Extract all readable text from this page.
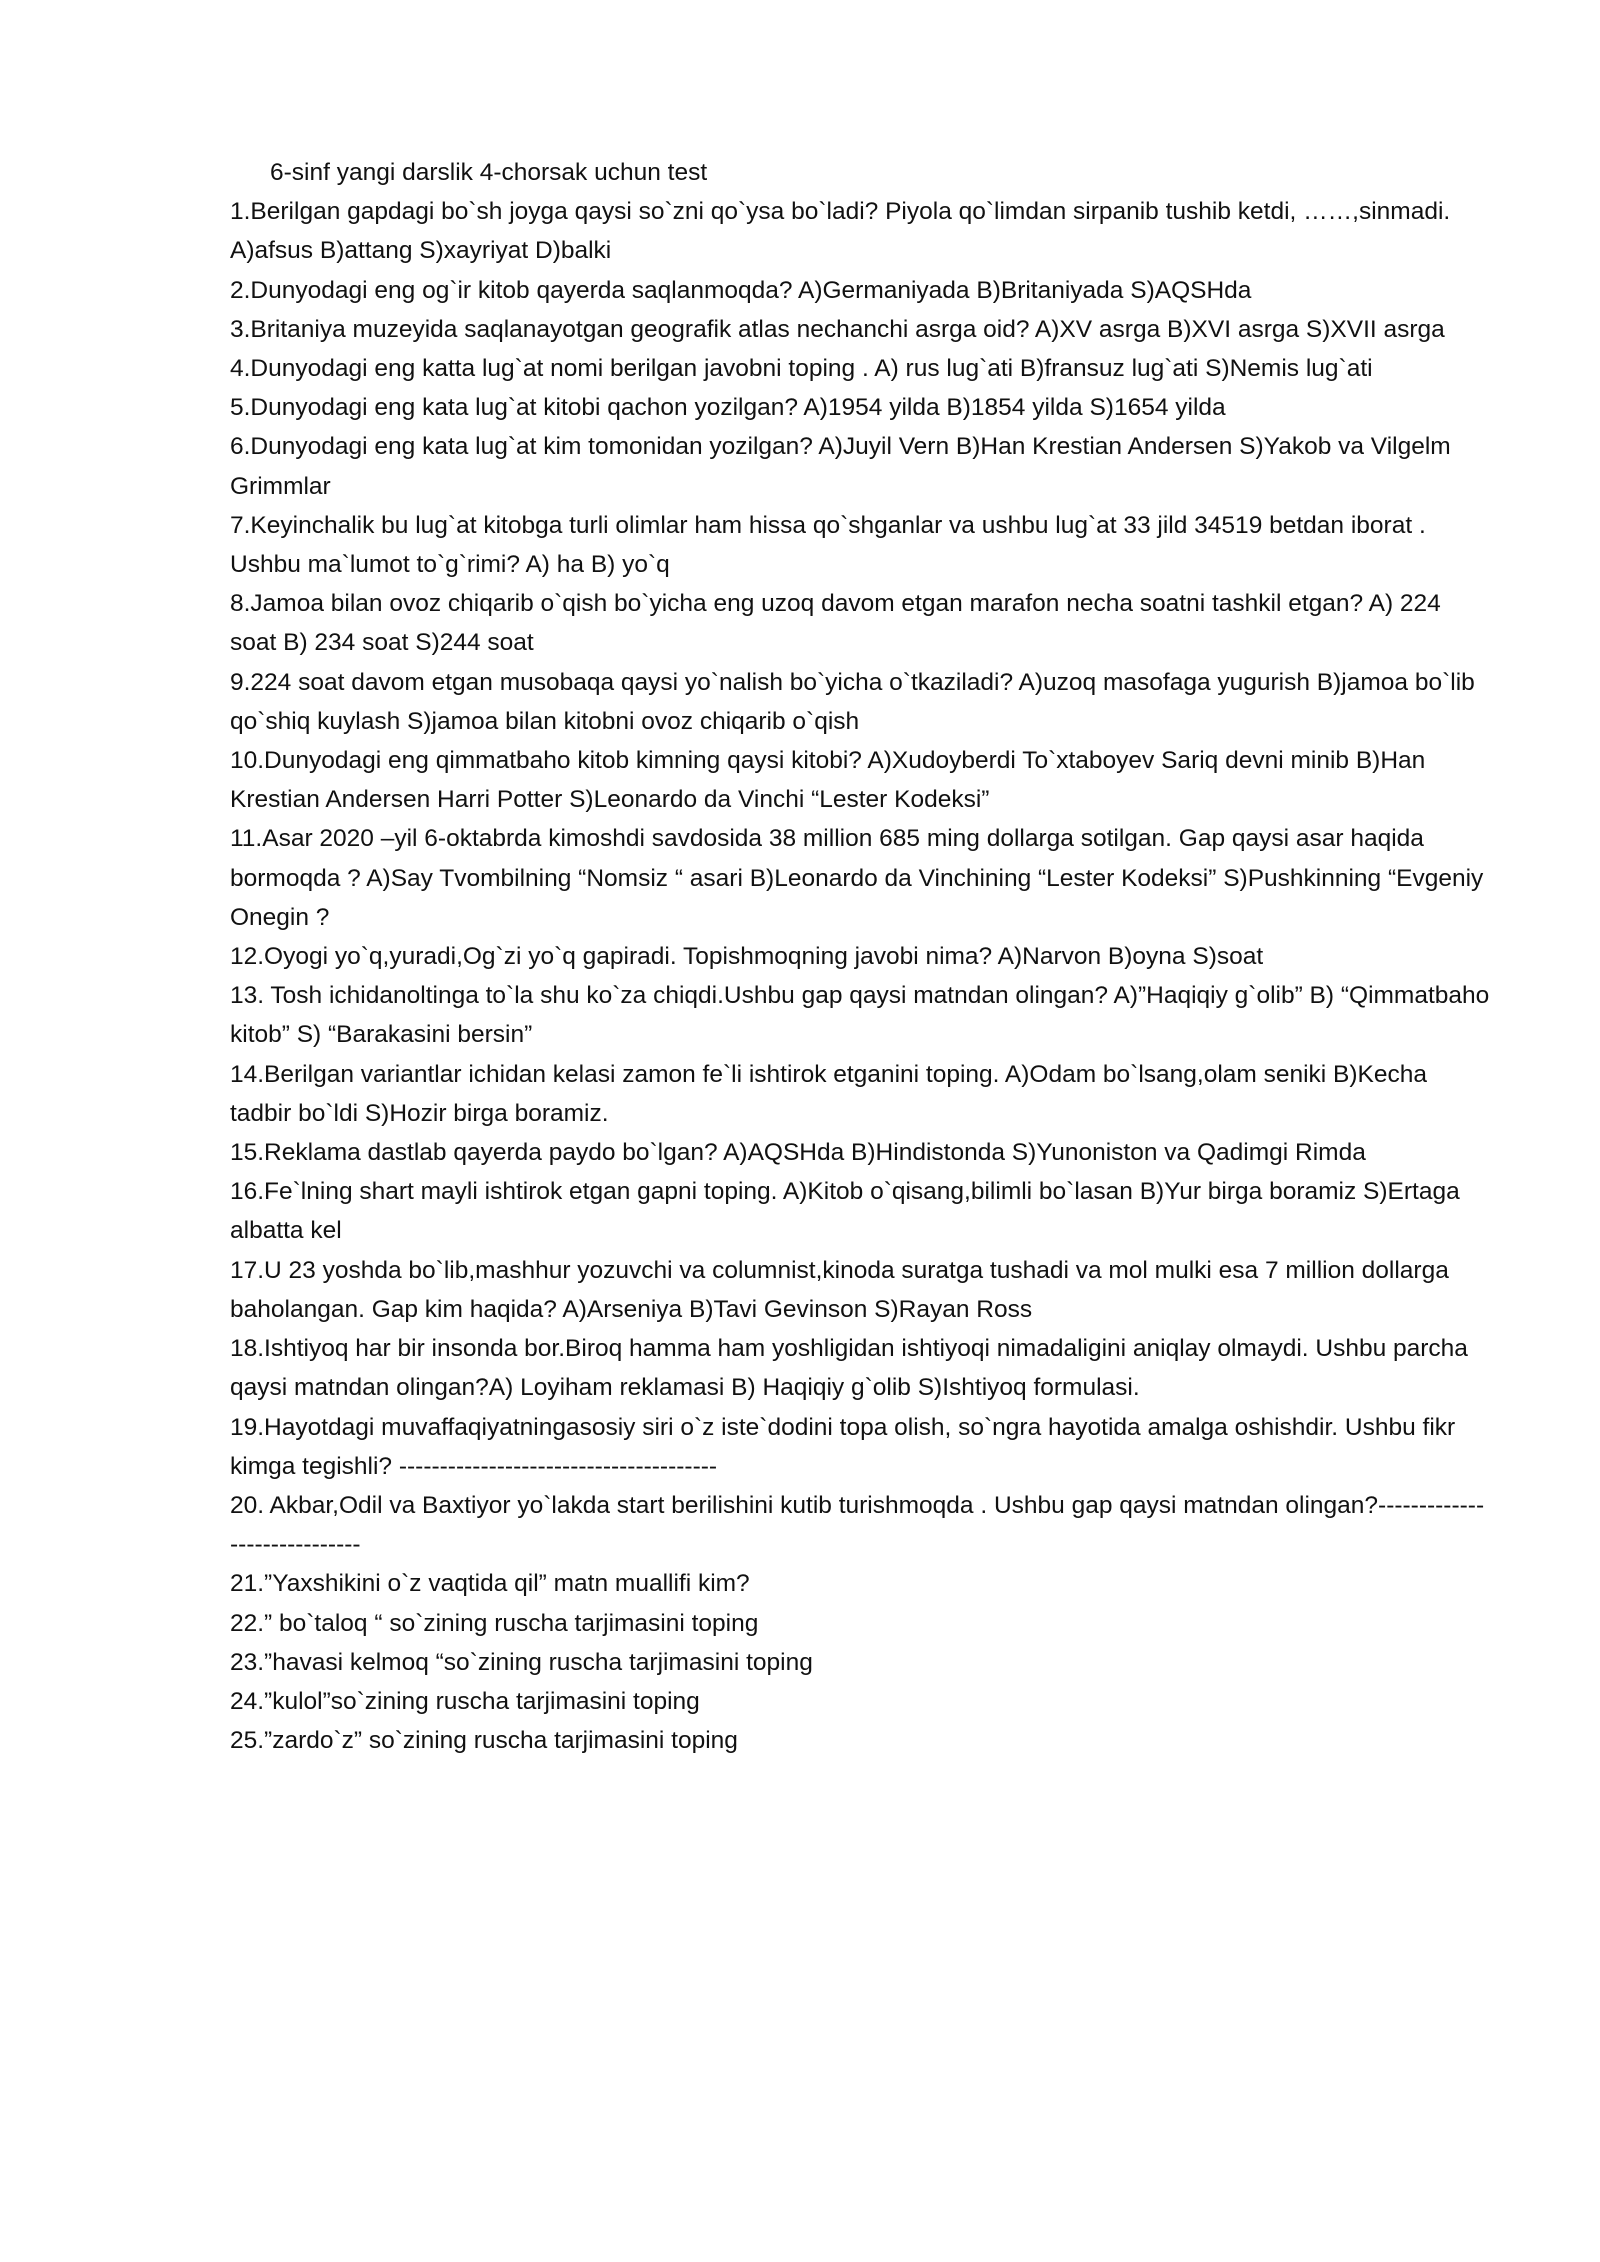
6-sinf yangi darslik 4-chorsak uchun test

1.Berilgan gapdagi bo`sh joyga qaysi so`zni qo`ysa bo`ladi? Piyola qo`limdan sirpanib tushib ketdi, ……,sinmadi. A)afsus B)attang S)xayriyat D)balki

2.Dunyodagi eng og`ir kitob qayerda saqlanmoqda? A)Germaniyada B)Britaniyada S)AQSHda

3.Britaniya muzeyida saqlanayotgan geografik atlas nechanchi asrga oid? A)XV asrga B)XVI asrga S)XVII asrga

4.Dunyodagi eng katta lug`at nomi berilgan javobni toping . A) rus lug`ati B)fransuz lug`ati S)Nemis lug`ati

5.Dunyodagi eng kata lug`at kitobi qachon yozilgan? A)1954 yilda B)1854 yilda S)1654 yilda

6.Dunyodagi eng kata lug`at kim tomonidan yozilgan? A)Juyil Vern B)Han Krestian Andersen S)Yakob va Vilgelm Grimmlar

7.Keyinchalik bu lug`at kitobga turli olimlar ham hissa qo`shganlar va ushbu lug`at 33 jild 34519 betdan iborat . Ushbu ma`lumot to`g`rimi? A) ha B) yo`q

8.Jamoa bilan ovoz chiqarib o`qish bo`yicha eng uzoq davom etgan marafon necha soatni tashkil etgan? A) 224 soat B) 234 soat S)244 soat

9.224 soat davom etgan musobaqa qaysi yo`nalish bo`yicha o`tkaziladi? A)uzoq masofaga yugurish B)jamoa bo`lib qo`shiq kuylash S)jamoa bilan kitobni ovoz chiqarib o`qish

10.Dunyodagi eng qimmatbaho kitob kimning qaysi kitobi? A)Xudoyberdi To`xtaboyev Sariq devni minib B)Han Krestian Andersen Harri Potter S)Leonardo da Vinchi “Lester Kodeksi”

11.Asar 2020 –yil 6-oktabrda kimoshdi savdosida 38 million 685 ming dollarga sotilgan. Gap qaysi asar haqida bormoqda ? A)Say Tvombilning “Nomsiz “ asari B)Leonardo da Vinchining “Lester Kodeksi” S)Pushkinning “Evgeniy Onegin ?

12.Oyogi yo`q,yuradi,Og`zi yo`q gapiradi. Topishmoqning javobi nima? A)Narvon B)oyna S)soat

13. Tosh ichidanoltinga to`la shu ko`za chiqdi.Ushbu gap qaysi matndan olingan? A)”Haqiqiy g`olib” B) “Qimmatbaho kitob” S) “Barakasini bersin”

14.Berilgan variantlar ichidan kelasi zamon fe`li ishtirok etganini toping. A)Odam bo`lsang,olam seniki B)Kecha tadbir bo`ldi S)Hozir birga boramiz.

15.Reklama dastlab qayerda paydo bo`lgan? A)AQSHda B)Hindistonda S)Yunoniston va Qadimgi Rimda

16.Fe`lning shart mayli ishtirok etgan gapni toping. A)Kitob o`qisang,bilimli bo`lasan B)Yur birga boramiz S)Ertaga albatta kel

17.U 23 yoshda bo`lib,mashhur yozuvchi va columnist,kinoda suratga tushadi va mol mulki esa 7 million dollarga baholangan. Gap kim haqida? A)Arseniya B)Tavi Gevinson S)Rayan Ross

18.Ishtiyoq har bir insonda bor.Biroq hamma ham yoshligidan ishtiyoqi nimadaligini aniqlay olmaydi. Ushbu parcha qaysi matndan olingan?A) Loyiham reklamasi B) Haqiqiy g`olib S)Ishtiyoq formulasi.

19.Hayotdagi muvaffaqiyatningasosiy siri o`z iste`dodini topa olish, so`ngra hayotida amalga oshishdir. Ushbu fikr kimga tegishli? ---------------------------------------

20. Akbar,Odil va Baxtiyor yo`lakda start berilishini kutib turishmoqda . Ushbu gap qaysi matndan olingan?-----------------------------

21.”Yaxshikini o`z vaqtida qil” matn muallifi kim?

22.” bo`taloq “ so`zining ruscha tarjimasini toping

23.”havasi kelmoq “so`zining ruscha tarjimasini toping

24.”kulol”so`zining ruscha tarjimasini toping

25.”zardo`z” so`zining ruscha tarjimasini toping
